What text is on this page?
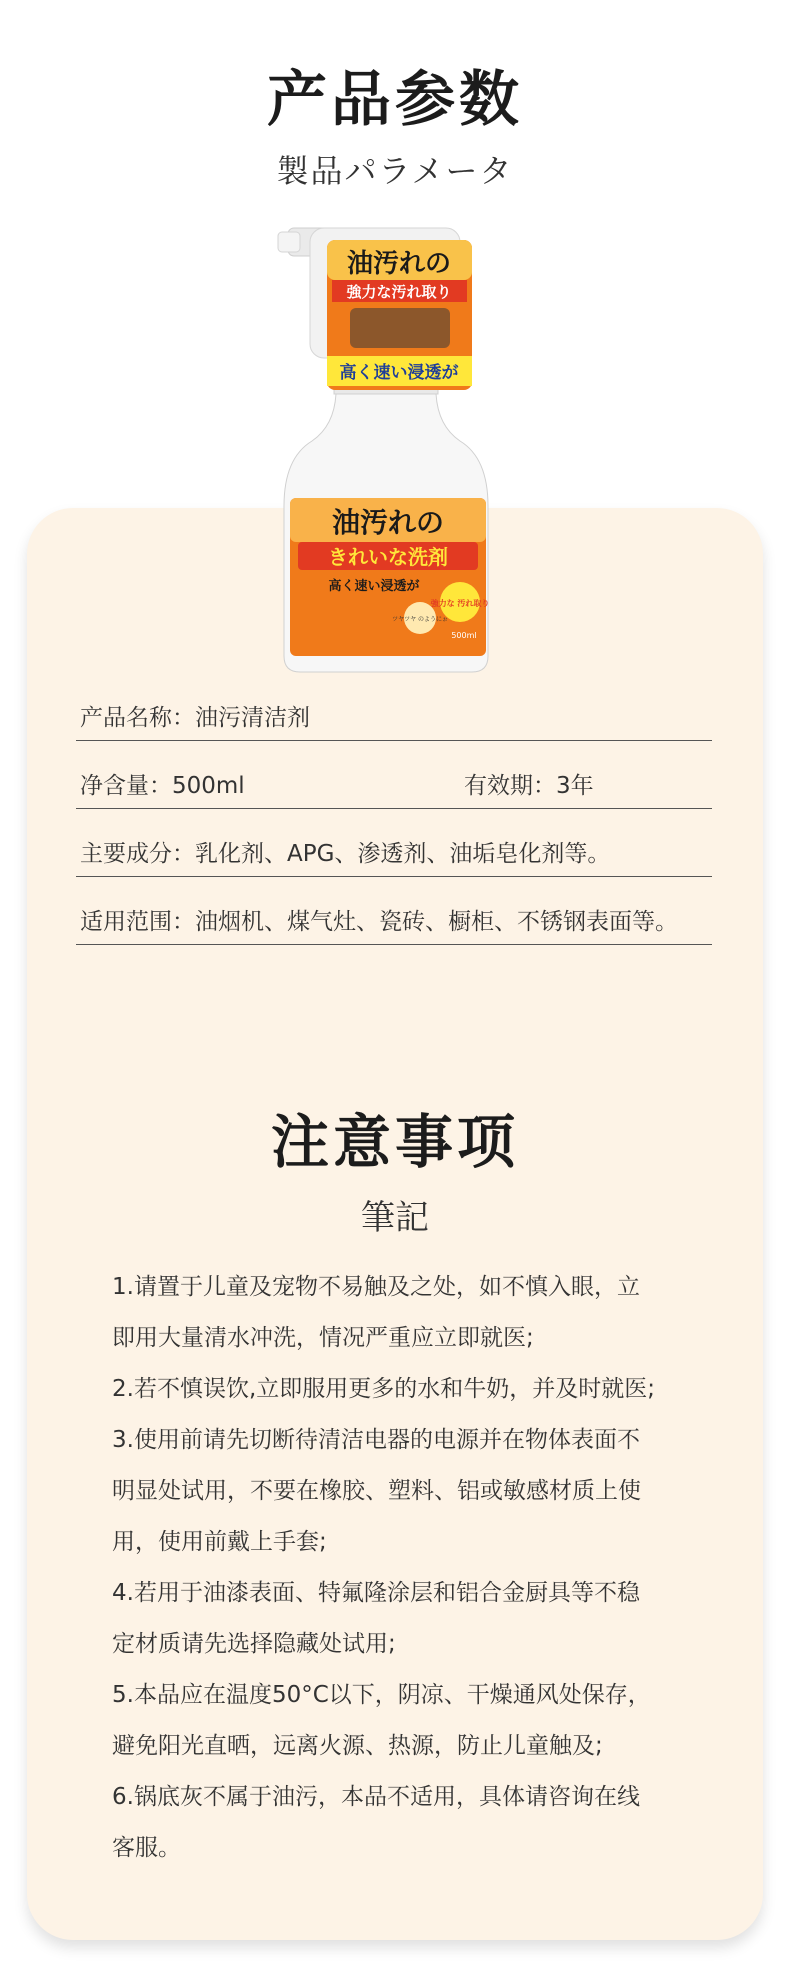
产品参数
製品パラメータ
油汚れの
強力な汚れ取り
高く速い浸透が
油汚れの
きれいな洗剤
高く速い浸透が
強力な 汚れ取り
ツヤツヤ のようにぉ
500ml
产品名称：油污清洁剂
净含量：500ml	有效期：3年
主要成分：乳化剂、APG、渗透剂、油垢皂化剂等。
适用范围：油烟机、煤气灶、瓷砖、橱柜、不锈钢表面等。
注意事项
筆記
1.请置于儿童及宠物不易触及之处，如不慎入眼，立
即用大量清水冲洗，情况严重应立即就医;
2.若不慎误饮,立即服用更多的水和牛奶，并及时就医;
3.使用前请先切断待清洁电器的电源并在物体表面不
明显处试用，不要在橡胶、塑料、铝或敏感材质上使
用，使用前戴上手套;
4.若用于油漆表面、特氟隆涂层和铝合金厨具等不稳
定材质请先选择隐藏处试用;
5.本品应在温度50°C以下，阴凉、干燥通风处保存，
避免阳光直晒，远离火源、热源，防止儿童触及;
6.锅底灰不属于油污，本品不适用，具体请咨询在线
客服。
